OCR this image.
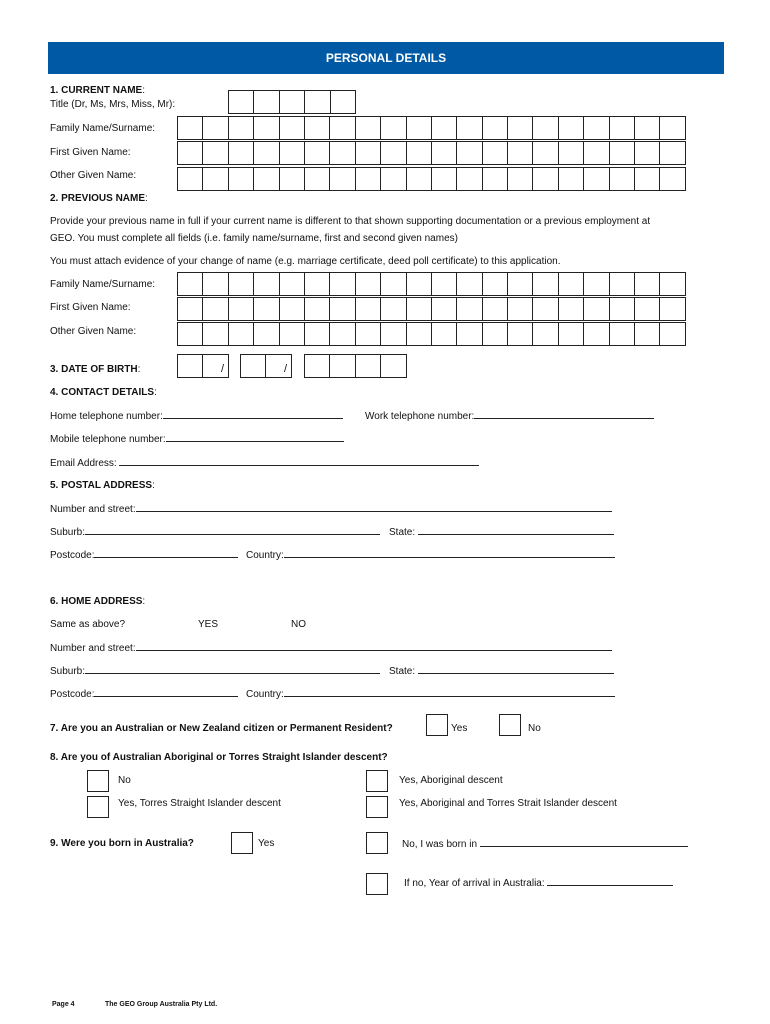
PERSONAL DETAILS
1. CURRENT NAME:
Title (Dr, Ms, Mrs, Miss, Mr):
Family Name/Surname:
First Given Name:
Other Given Name:
2. PREVIOUS NAME:
Provide your previous name in full if your current name is different to that shown supporting documentation or a previous employment at
GEO. You must complete all fields (i.e. family name/surname, first and second given names)
You must attach evidence of your change of name (e.g. marriage certificate, deed poll certificate) to this application.
Family Name/Surname:
First Given Name:
Other Given Name:
3. DATE OF BIRTH:	/	/
4. CONTACT DETAILS:
Home telephone number:	Work telephone number:
Mobile telephone number:
Email Address:
5. POSTAL ADDRESS:
Number and street:
Suburb:	State:
Postcode:	Country:
6. HOME ADDRESS:
Same as above?	YES	NO
Number and street:
Suburb:	State:
Postcode:	Country:
7. Are you an Australian or New Zealand citizen or Permanent Resident?	Yes	No
8. Are you of Australian Aboriginal or Torres Straight Islander descent?
No	Yes, Aboriginal descent
Yes, Torres Straight Islander descent	Yes, Aboriginal and Torres Strait Islander descent
9. Were you born in Australia?	Yes	No, I was born in
If no, Year of arrival in Australia:
Page 4	The GEO Group Australia Pty Ltd.
